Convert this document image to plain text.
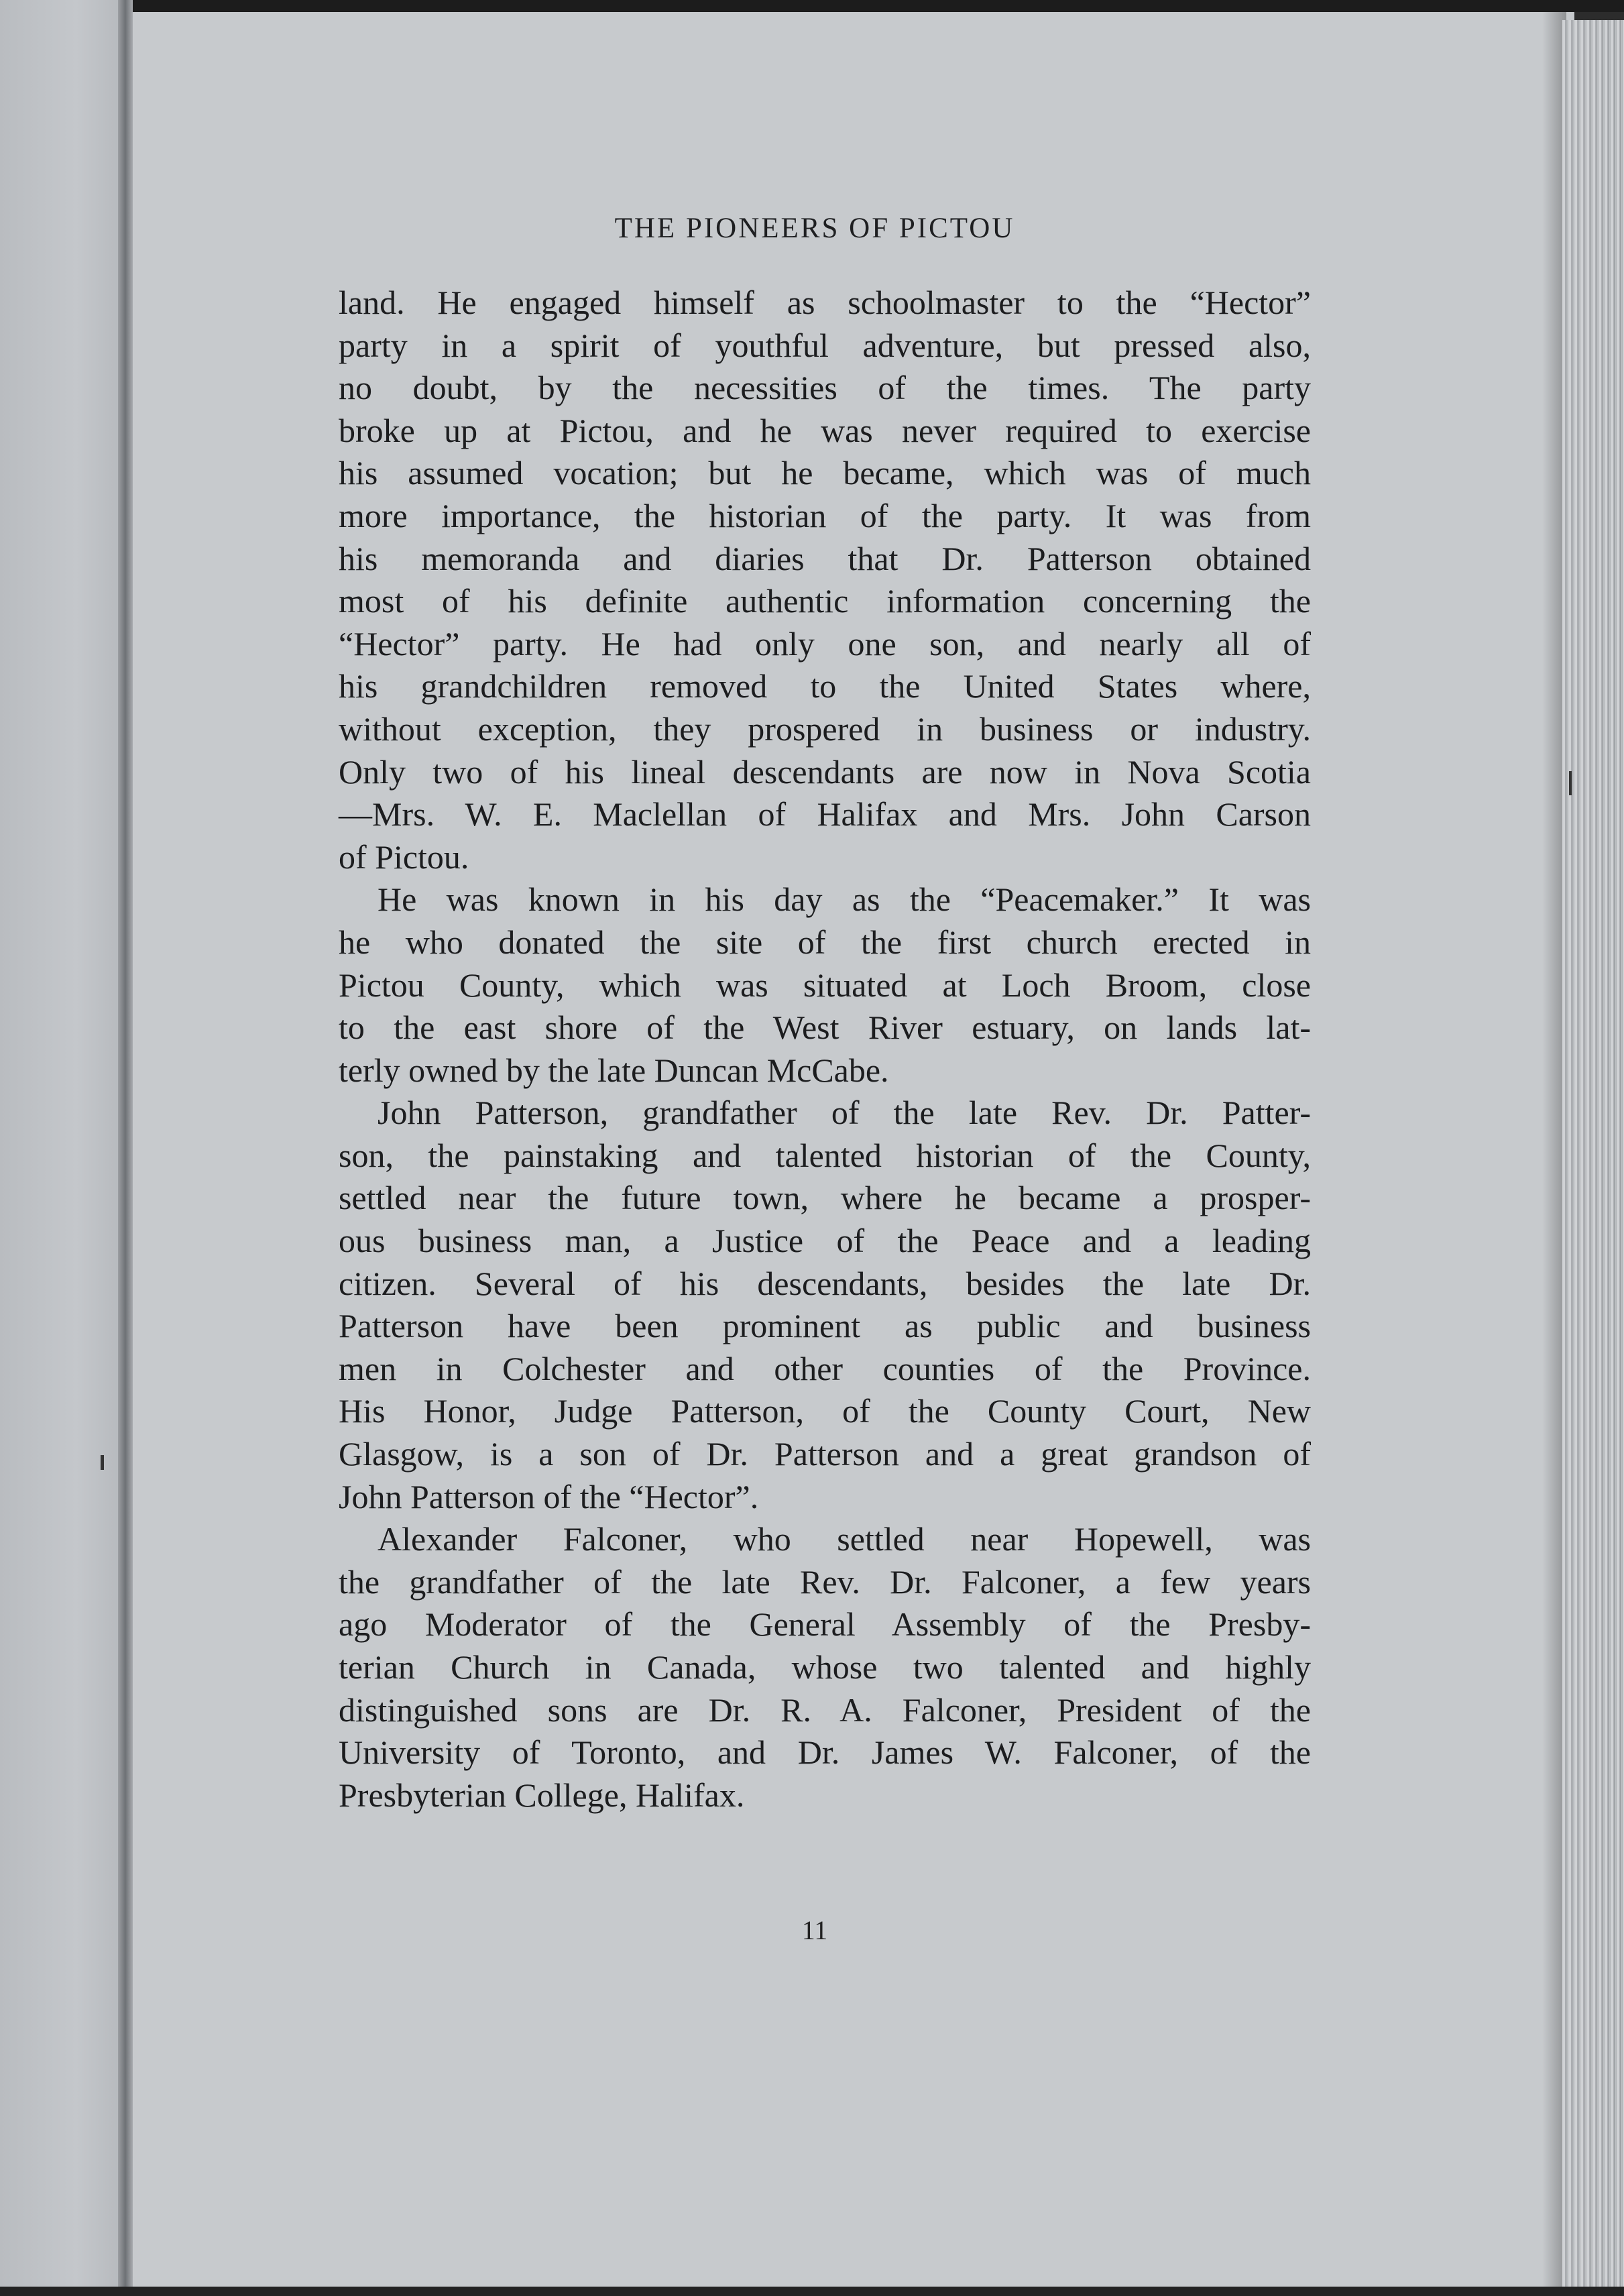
THE PIONEERS OF PICTOU
land. He engaged himself as schoolmaster to the “Hector”
party in a spirit of youthful adventure, but pressed also,
no doubt, by the necessities of the times. The party
broke up at Pictou, and he was never required to exercise
his assumed vocation; but he became, which was of much
more importance, the historian of the party. It was from
his memoranda and diaries that Dr. Patterson obtained
most of his definite authentic information concerning the
“Hector” party. He had only one son, and nearly all of
his grandchildren removed to the United States where,
without exception, they prospered in business or industry.
Only two of his lineal descendants are now in Nova Scotia
—Mrs. W. E. Maclellan of Halifax and Mrs. John Carson
of Pictou.
He was known in his day as the “Peacemaker.” It was
he who donated the site of the first church erected in
Pictou County, which was situated at Loch Broom, close
to the east shore of the West River estuary, on lands lat-
terly owned by the late Duncan McCabe.
John Patterson, grandfather of the late Rev. Dr. Patter-
son, the painstaking and talented historian of the County,
settled near the future town, where he became a prosper-
ous business man, a Justice of the Peace and a leading
citizen. Several of his descendants, besides the late Dr.
Patterson have been prominent as public and business
men in Colchester and other counties of the Province.
His Honor, Judge Patterson, of the County Court, New
Glasgow, is a son of Dr. Patterson and a great grandson of
John Patterson of the “Hector”.
Alexander Falconer, who settled near Hopewell, was
the grandfather of the late Rev. Dr. Falconer, a few years
ago Moderator of the General Assembly of the Presby-
terian Church in Canada, whose two talented and highly
distinguished sons are Dr. R. A. Falconer, President of the
University of Toronto, and Dr. James W. Falconer, of the
Presbyterian College, Halifax.
11
